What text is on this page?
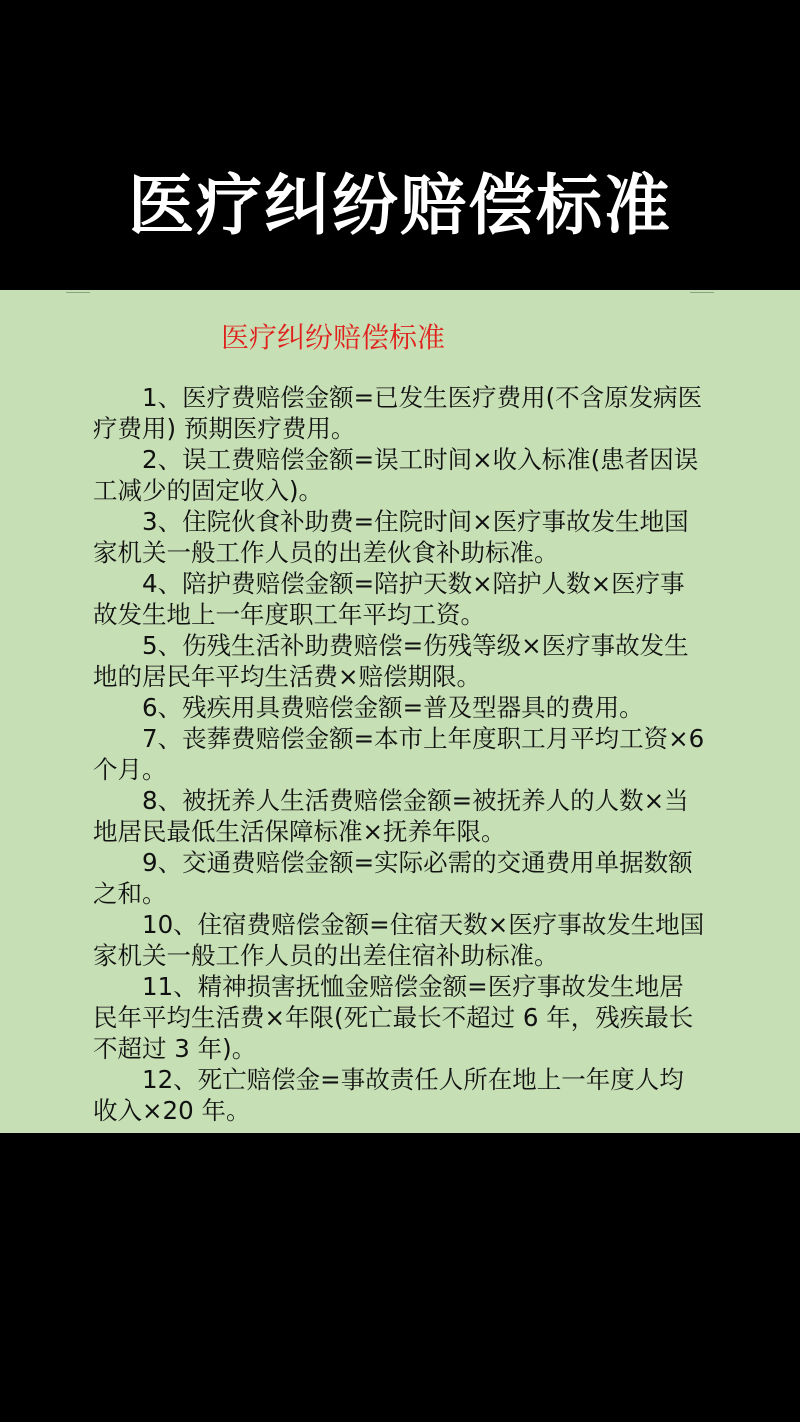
医疗纠纷赔偿标准
医疗纠纷赔偿标准
1、医疗费赔偿金额=已发生医疗费用(不含原发病医疗费用) 预期医疗费用。
2、误工费赔偿金额=误工时间×收入标准(患者因误工减少的固定收入)。
3、住院伙食补助费=住院时间×医疗事故发生地国家机关一般工作人员的出差伙食补助标准。
4、陪护费赔偿金额=陪护天数×陪护人数×医疗事故发生地上一年度职工年平均工资。
5、伤残生活补助费赔偿=伤残等级×医疗事故发生地的居民年平均生活费×赔偿期限。
6、残疾用具费赔偿金额=普及型器具的费用。
7、丧葬费赔偿金额=本市上年度职工月平均工资×6 个月。
8、被抚养人生活费赔偿金额=被抚养人的人数×当地居民最低生活保障标准×抚养年限。
9、交通费赔偿金额=实际必需的交通费用单据数额之和。
10、住宿费赔偿金额=住宿天数×医疗事故发生地国家机关一般工作人员的出差住宿补助标准。
11、精神损害抚恤金赔偿金额=医疗事故发生地居民年平均生活费×年限(死亡最长不超过 6 年，残疾最长不超过 3 年)。
12、死亡赔偿金=事故责任人所在地上一年度人均收入×20 年。
